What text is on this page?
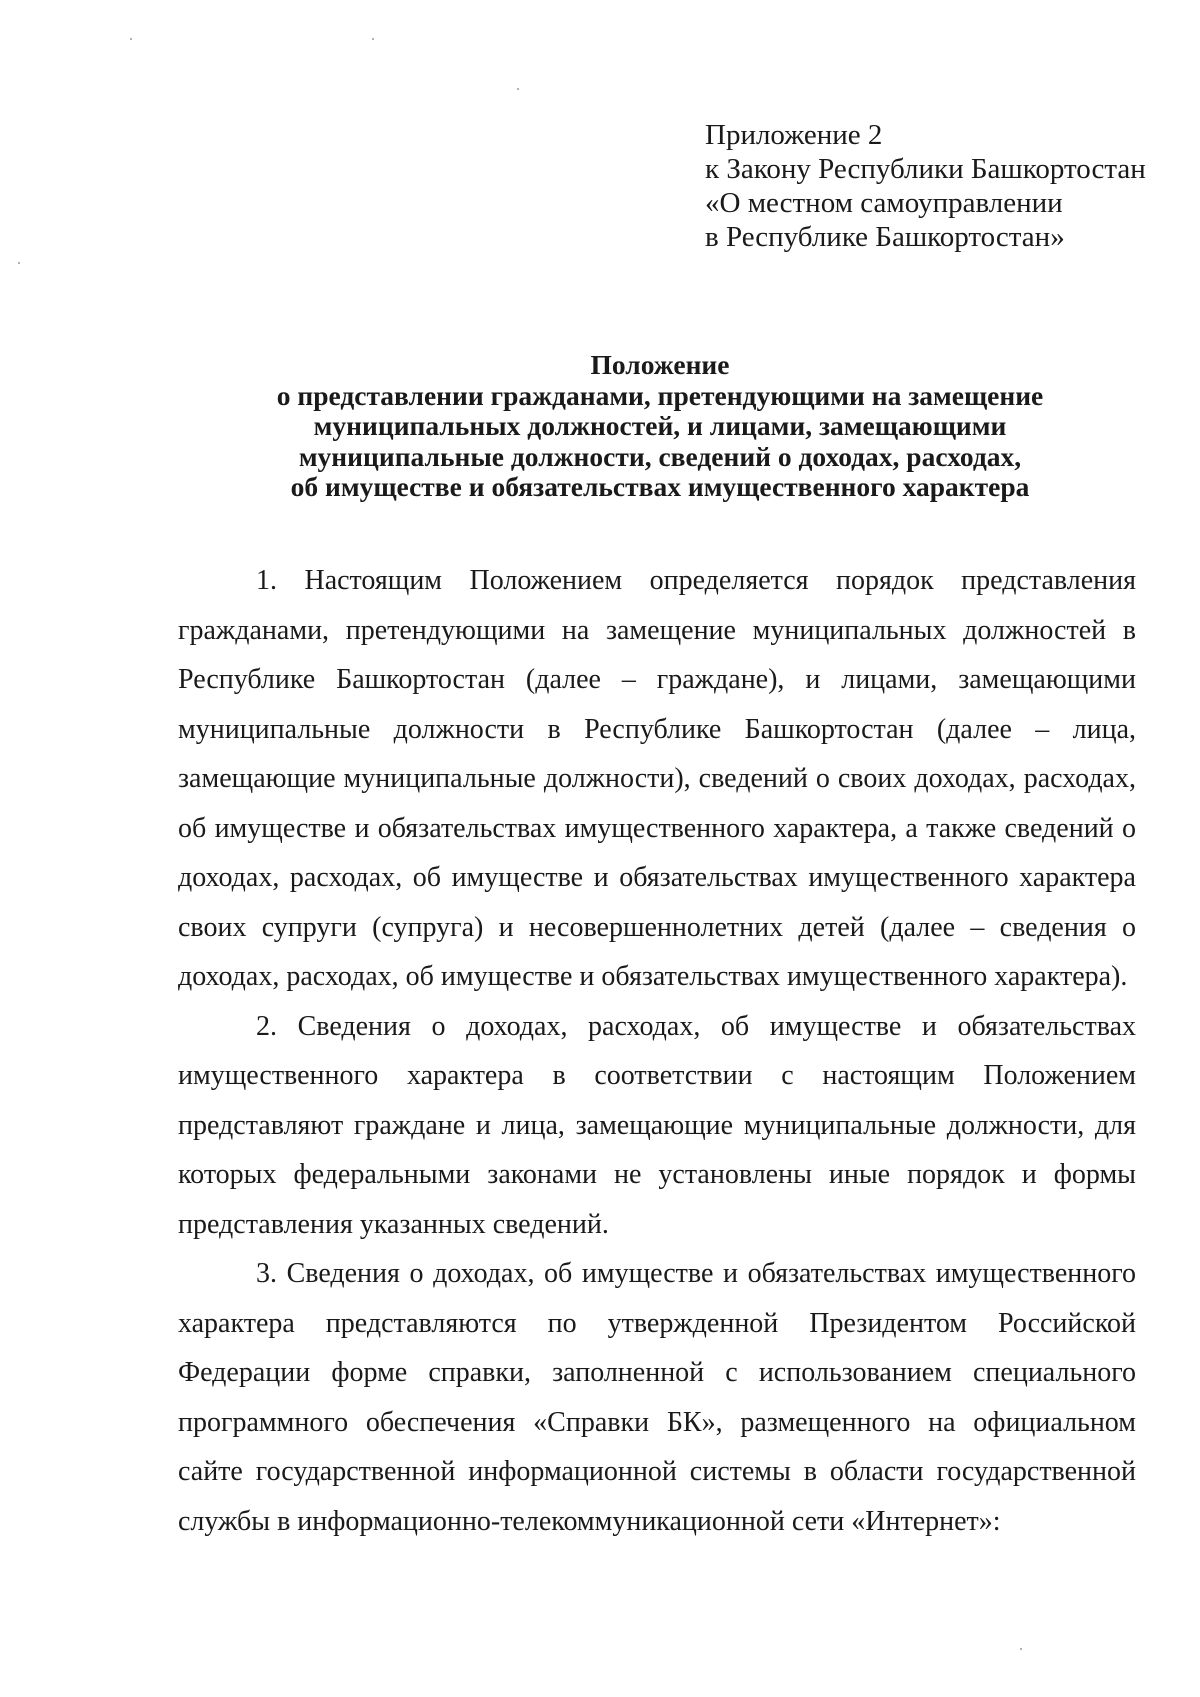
Приложение 2
к Закону Республики Башкортостан
«О местном самоуправлении
в Республике Башкортостан»
Положение
о представлении гражданами, претендующими на замещение
муниципальных должностей, и лицами, замещающими
муниципальные должности, сведений о доходах, расходах,
об имуществе и обязательствах имущественного характера

1. Настоящим Положением определяется порядок представления гражданами, претендующими на замещение муниципальных должностей в Республике Башкортостан (далее – граждане), и лицами, замещающими муниципальные должности в Республике Башкортостан (далее – лица, замещающие муниципальные должности), сведений о своих доходах, расходах, об имуществе и обязательствах имущественного характера, а также сведений о доходах, расходах, об имуществе и обязательствах имущественного характера своих супруги (супруга) и несовершеннолетних детей (далее – сведения о доходах, расходах, об имуществе и обязательствах имущественного характера).

2. Сведения о доходах, расходах, об имуществе и обязательствах имущественного характера в соответствии с настоящим Положением представляют граждане и лица, замещающие муниципальные должности, для которых федеральными законами не установлены иные порядок и формы представления указанных сведений.

3. Сведения о доходах, об имуществе и обязательствах имущественного характера представляются по утвержденной Президентом Российской Федерации форме справки, заполненной с использованием специального программного обеспечения «Справки БК», размещенного на официальном сайте государственной информационной системы в области государственной службы в информационно-телекоммуникационной сети «Интернет»:
